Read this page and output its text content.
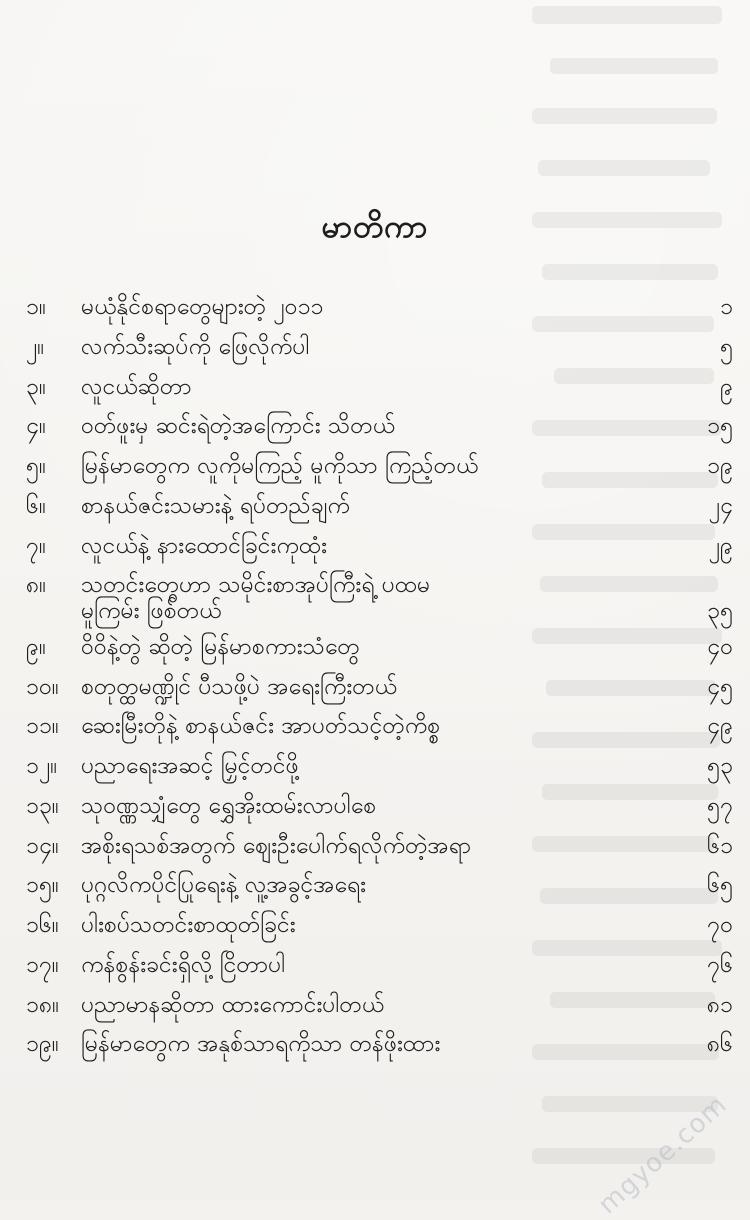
မာတိကာ
၁။	မယုံနိုင်စရာတွေများတဲ့ ၂၀၁၁	၁
၂။	လက်သီးဆုပ်ကို ဖြေလိုက်ပါ	၅
၃။	လူငယ်ဆိုတာ	၉
၄။	ဝတ်ဖူးမှ ဆင်းရဲတဲ့အကြောင်း သိတယ်	၁၅
၅။	မြန်မာတွေက လူကိုမကြည့် မူကိုသာ ကြည့်တယ်	၁၉
၆။	စာနယ်ဇင်းသမားနဲ့ ရပ်တည်ချက်	၂၄
၇။	လူငယ်နဲ့ နားထောင်ခြင်းကုထုံး	၂၉
၈။	သတင်းတွေဟာ သမိုင်းစာအုပ်ကြီးရဲ့ ပထမ
မူကြမ်း ဖြစ်တယ်	၃၅
၉။	ဝိဝိနဲ့တွဲ ဆိုတဲ့ မြန်မာစကားသံတွေ	၄၀
၁၀။ စတုတ္ထမဏ္ဍိုင် ပီသဖို့ပဲ အရေးကြီးတယ်	၄၅
၁၁။ ဆေးမြီးတိုနဲ့ စာနယ်ဇင်း အာပတ်သင့်တဲ့ကိစ္စ	၄၉
၁၂။	ပညာရေးအဆင့် မြှင့်တင်ဖို့	၅၃
၁၃။ သုဝဏ္ဏသျှံတွေ ရွှေအိုးထမ်းလာပါစေ	၅၇
၁၄။ အစိုးရသစ်အတွက် ဈေးဦးပေါက်ရလိုက်တဲ့အရာ	၆၁
၁၅။ ပုဂ္ဂလိကပိုင်ပြုရေးနဲ့ လူ့အခွင့်အရေး	၆၅
၁၆။ ပါးစပ်သတင်းစာထုတ်ခြင်း	၇၀
၁၇။ ကန်စွန်းခင်းရှိလို့ ငြိတာပါ	၇၆
၁၈။ ပညာမာနဆိုတာ ထားကောင်းပါတယ်	၈၁
၁၉။ မြန်မာတွေက အနုစ်သာရကိုသာ တန်ဖိုးထား	၈၆
mgyoe.com
